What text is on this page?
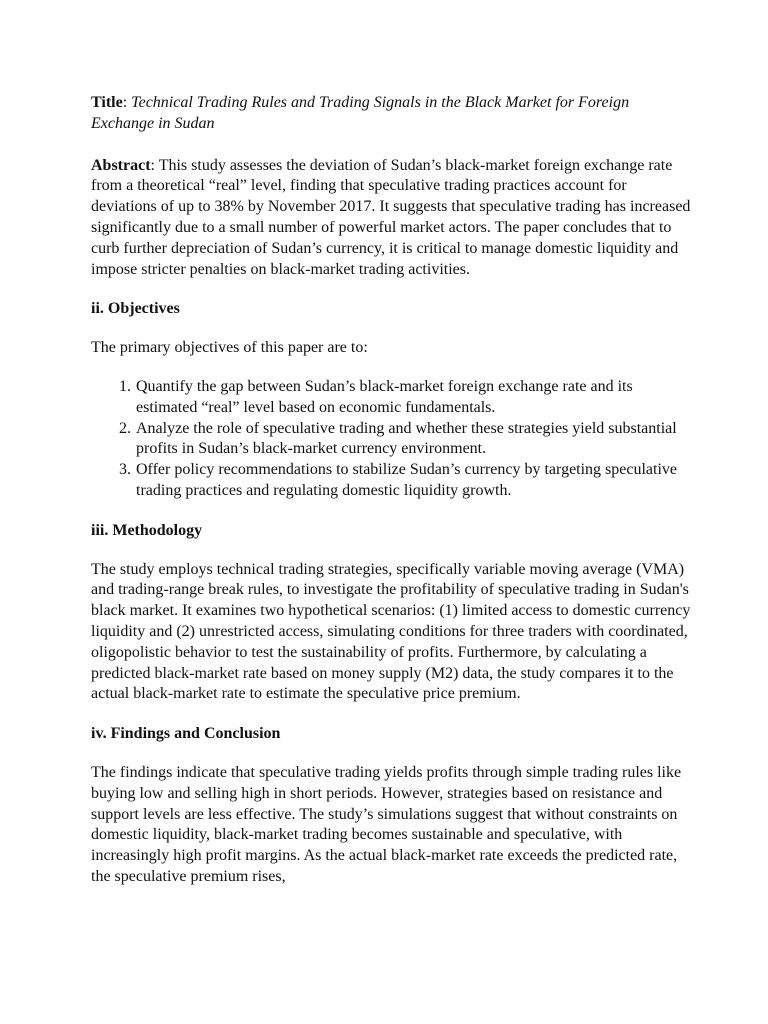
Title: Technical Trading Rules and Trading Signals in the Black Market for Foreign Exchange in Sudan

Abstract: This study assesses the deviation of Sudan’s black-market foreign exchange rate from a theoretical “real” level, finding that speculative trading practices account for deviations of up to 38% by November 2017. It suggests that speculative trading has increased significantly due to a small number of powerful market actors. The paper concludes that to curb further depreciation of Sudan’s currency, it is critical to manage domestic liquidity and impose stricter penalties on black-market trading activities.

ii. Objectives

The primary objectives of this paper are to:

1. Quantify the gap between Sudan’s black-market foreign exchange rate and its estimated “real” level based on economic fundamentals.
2. Analyze the role of speculative trading and whether these strategies yield substantial profits in Sudan’s black-market currency environment.
3. Offer policy recommendations to stabilize Sudan’s currency by targeting speculative trading practices and regulating domestic liquidity growth.
iii. Methodology

The study employs technical trading strategies, specifically variable moving average (VMA) and trading-range break rules, to investigate the profitability of speculative trading in Sudan's black market. It examines two hypothetical scenarios: (1) limited access to domestic currency liquidity and (2) unrestricted access, simulating conditions for three traders with coordinated, oligopolistic behavior to test the sustainability of profits. Furthermore, by calculating a predicted black-market rate based on money supply (M2) data, the study compares it to the actual black-market rate to estimate the speculative price premium.

iv. Findings and Conclusion

The findings indicate that speculative trading yields profits through simple trading rules like buying low and selling high in short periods. However, strategies based on resistance and support levels are less effective. The study’s simulations suggest that without constraints on domestic liquidity, black-market trading becomes sustainable and speculative, with increasingly high profit margins. As the actual black-market rate exceeds the predicted rate, the speculative premium rises,
